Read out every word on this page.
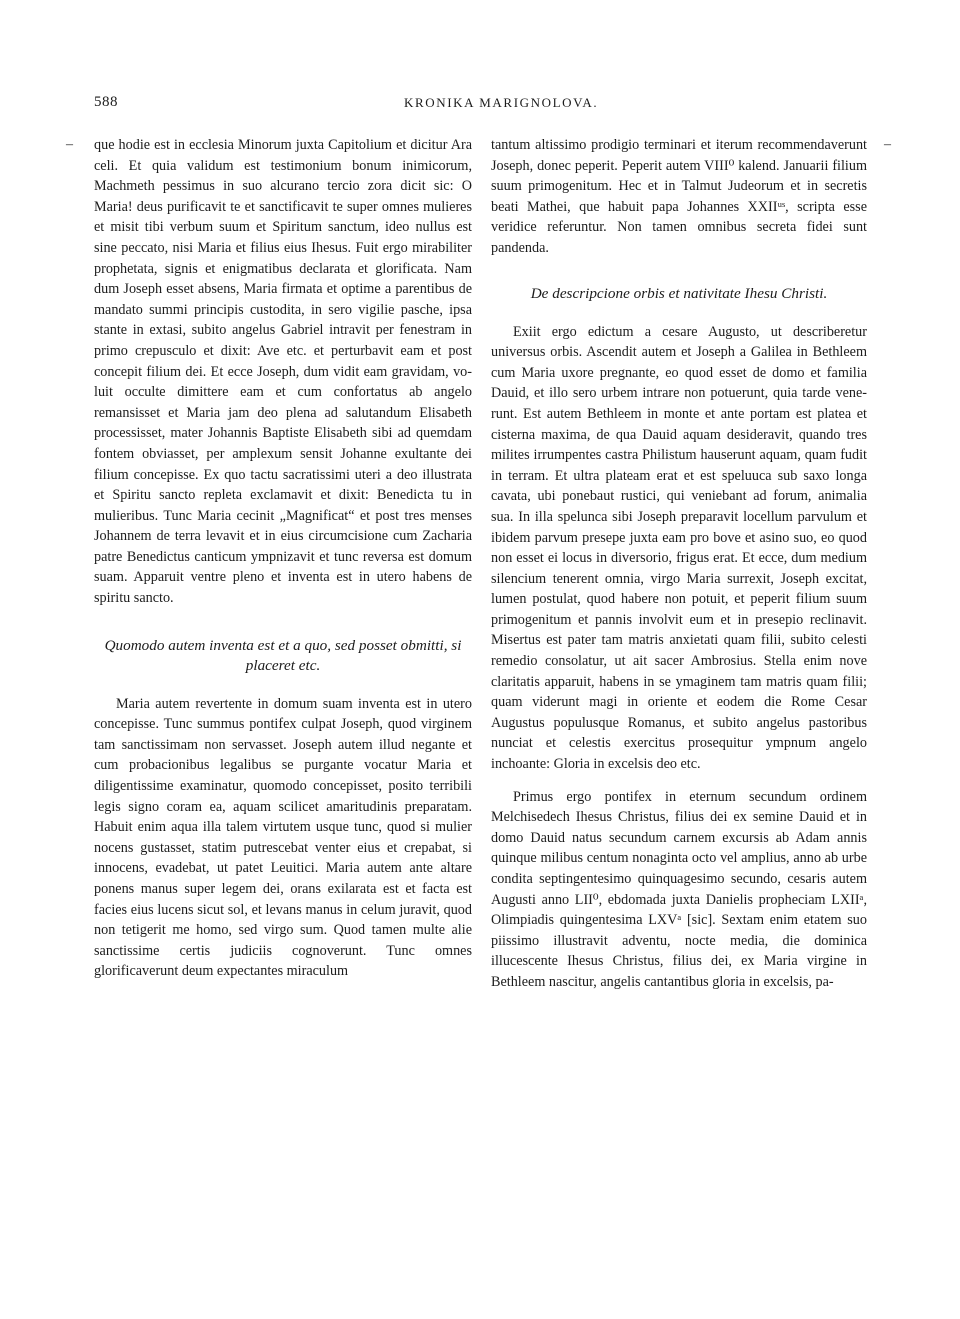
588	KRONIKA MARIGNOLOVA.
–	–

que hodie est in ecclesia Minorum juxta Capitolium et dicitur Ara celi. Et quia validum est testimonium bonum inimicorum, Machmeth pessimus in suo alcurano tercio zora dicit sic: O Maria! deus purificavit te et sanctificavit te super omnes mulieres et misit tibi verbum suum et Spiritum sanctum, ideo nullus est sine peccato, nisi Maria et filius eius Ihesus. Fuit ergo mirabiliter prophetata, signis et enigmatibus declarata et glorificata. Nam dum Joseph esset absens, Maria firmata et optime a parentibus de mandato summi principis custodita, in sero vigilie pasche, ipsa stante in extasi, subito angelus Gabriel intravit per fenestram in primo crepusculo et dixit: Ave etc. et perturbavit eam et post concepit filium dei. Et ecce Joseph, dum vidit eam gravidam, voluit occulte dimittere eam et cum confortatus ab angelo remansisset et Maria jam deo plena ad salutandum Elisabeth processisset, mater Johannis Baptiste Elisabeth sibi ad quemdam fontem obviasset, per amplexum sensit Johanne exultante dei filium concepisse. Ex quo tactu sacratissimi uteri a deo illustrata et Spiritu sancto repleta exclamavit et dixit: Benedicta tu in mulieribus. Tunc Maria cecinit „Magnificat“ et post tres menses Johannem de terra levavit et in eius circumcisione cum Zacharia patre Benedictus canticum ympnizavit et tunc reversa est domum suam. Apparuit ventre pleno et inventa est in utero habens de spiritu sancto.

Quomodo autem inventa est et a quo, sed posset obmitti, si placeret etc.

Maria autem revertente in domum suam inventa est in utero concepisse. Tunc summus pontifex culpat Joseph, quod virginem tam sanctissimam non servasset. Joseph autem illud negante et cum probacionibus legalibus se purgante vocatur Maria et diligentissime examinatur, quomodo concepisset, posito terribili legis signo coram ea, aquam scilicet amaritudinis preparatam. Habuit enim aqua illa talem virtutem usque tunc, quod si mulier nocens gustasset, statim putrescebat venter eius et crepabat, si innocens, evadebat, ut patet Leuitici. Maria autem ante altare ponens manus super legem dei, orans exilarata est et facta est facies eius lucens sicut sol, et levans manus in celum juravit, quod non tetigerit me homo, sed virgo sum. Quod tamen multe alie sanctissime certis judiciis cognoverunt. Tunc omnes glorificaverunt deum expectantes miraculum

tantum altissimo prodigio terminari et iterum recommendaverunt Joseph, donec peperit. Peperit autem VIII⁰ kalend. Januarii filium suum primogenitum. Hec et in Talmut Judeorum et in secretis beati Mathei, que habuit papa Johannes XXIIᵘˢ, scripta esse veridice referuntur. Non tamen omnibus secreta fidei sunt pandenda.

De descripcione orbis et nativitate Ihesu Christi.

Exiit ergo edictum a cesare Augusto, ut describeretur universus orbis. Ascendit autem et Joseph a Galilea in Bethleem cum Maria uxore pregnante, eo quod esset de domo et familia Dauid, et illo sero urbem intrare non potuerunt, quia tarde venerunt. Est autem Bethleem in monte et ante portam est platea et cisterna maxima, de qua Dauid aquam desideravit, quando tres milites irrumpentes castra Philistum hauserunt aquam, quam fudit in terram. Et ultra plateam erat et est speluuca sub saxo longa cavata, ubi ponebaut rustici, qui veniebant ad forum, animalia sua. In illa spelunca sibi Joseph preparavit locellum parvulum et ibidem parvum presepe juxta eam pro bove et asino suo, eo quod non esset ei locus in diversorio, frigus erat. Et ecce, dum medium silencium tenerent omnia, virgo Maria surrexit, Joseph excitat, lumen postulat, quod habere non potuit, et peperit filium suum primogenitum et pannis involvit eum et in presepio reclinavit. Misertus est pater tam matris anxietati quam filii, subito celesti remedio consolatur, ut ait sacer Ambrosius. Stella enim nove claritatis apparuit, habens in se ymaginem tam matris quam filii; quam viderunt magi in oriente et eodem die Rome Cesar Augustus populusque Romanus, et subito angelus pastoribus nunciat et celestis exercitus prosequitur ympnum angelo inchoante: Gloria in excelsis deo etc.

Primus ergo pontifex in eternum secundum ordinem Melchisedech Ihesus Christus, filius dei ex semine Dauid et in domo Dauid natus secundum carnem excursis ab Adam annis quinque milibus centum nonaginta octo vel amplius, anno ab urbe condita septingentesimo quinquagesimo secundo, cesaris autem Augusti anno LII⁰, ebdomada juxta Danielis propheciam LXIIᵃ, Olimpiadis quingentesima LXVᵃ [sic]. Sextam enim etatem suo piissimo illustravit adventu, nocte media, die dominica illucescente Ihesus Christus, filius dei, ex Maria virgine in Bethleem nascitur, angelis cantantibus gloria in excelsis, pa-
